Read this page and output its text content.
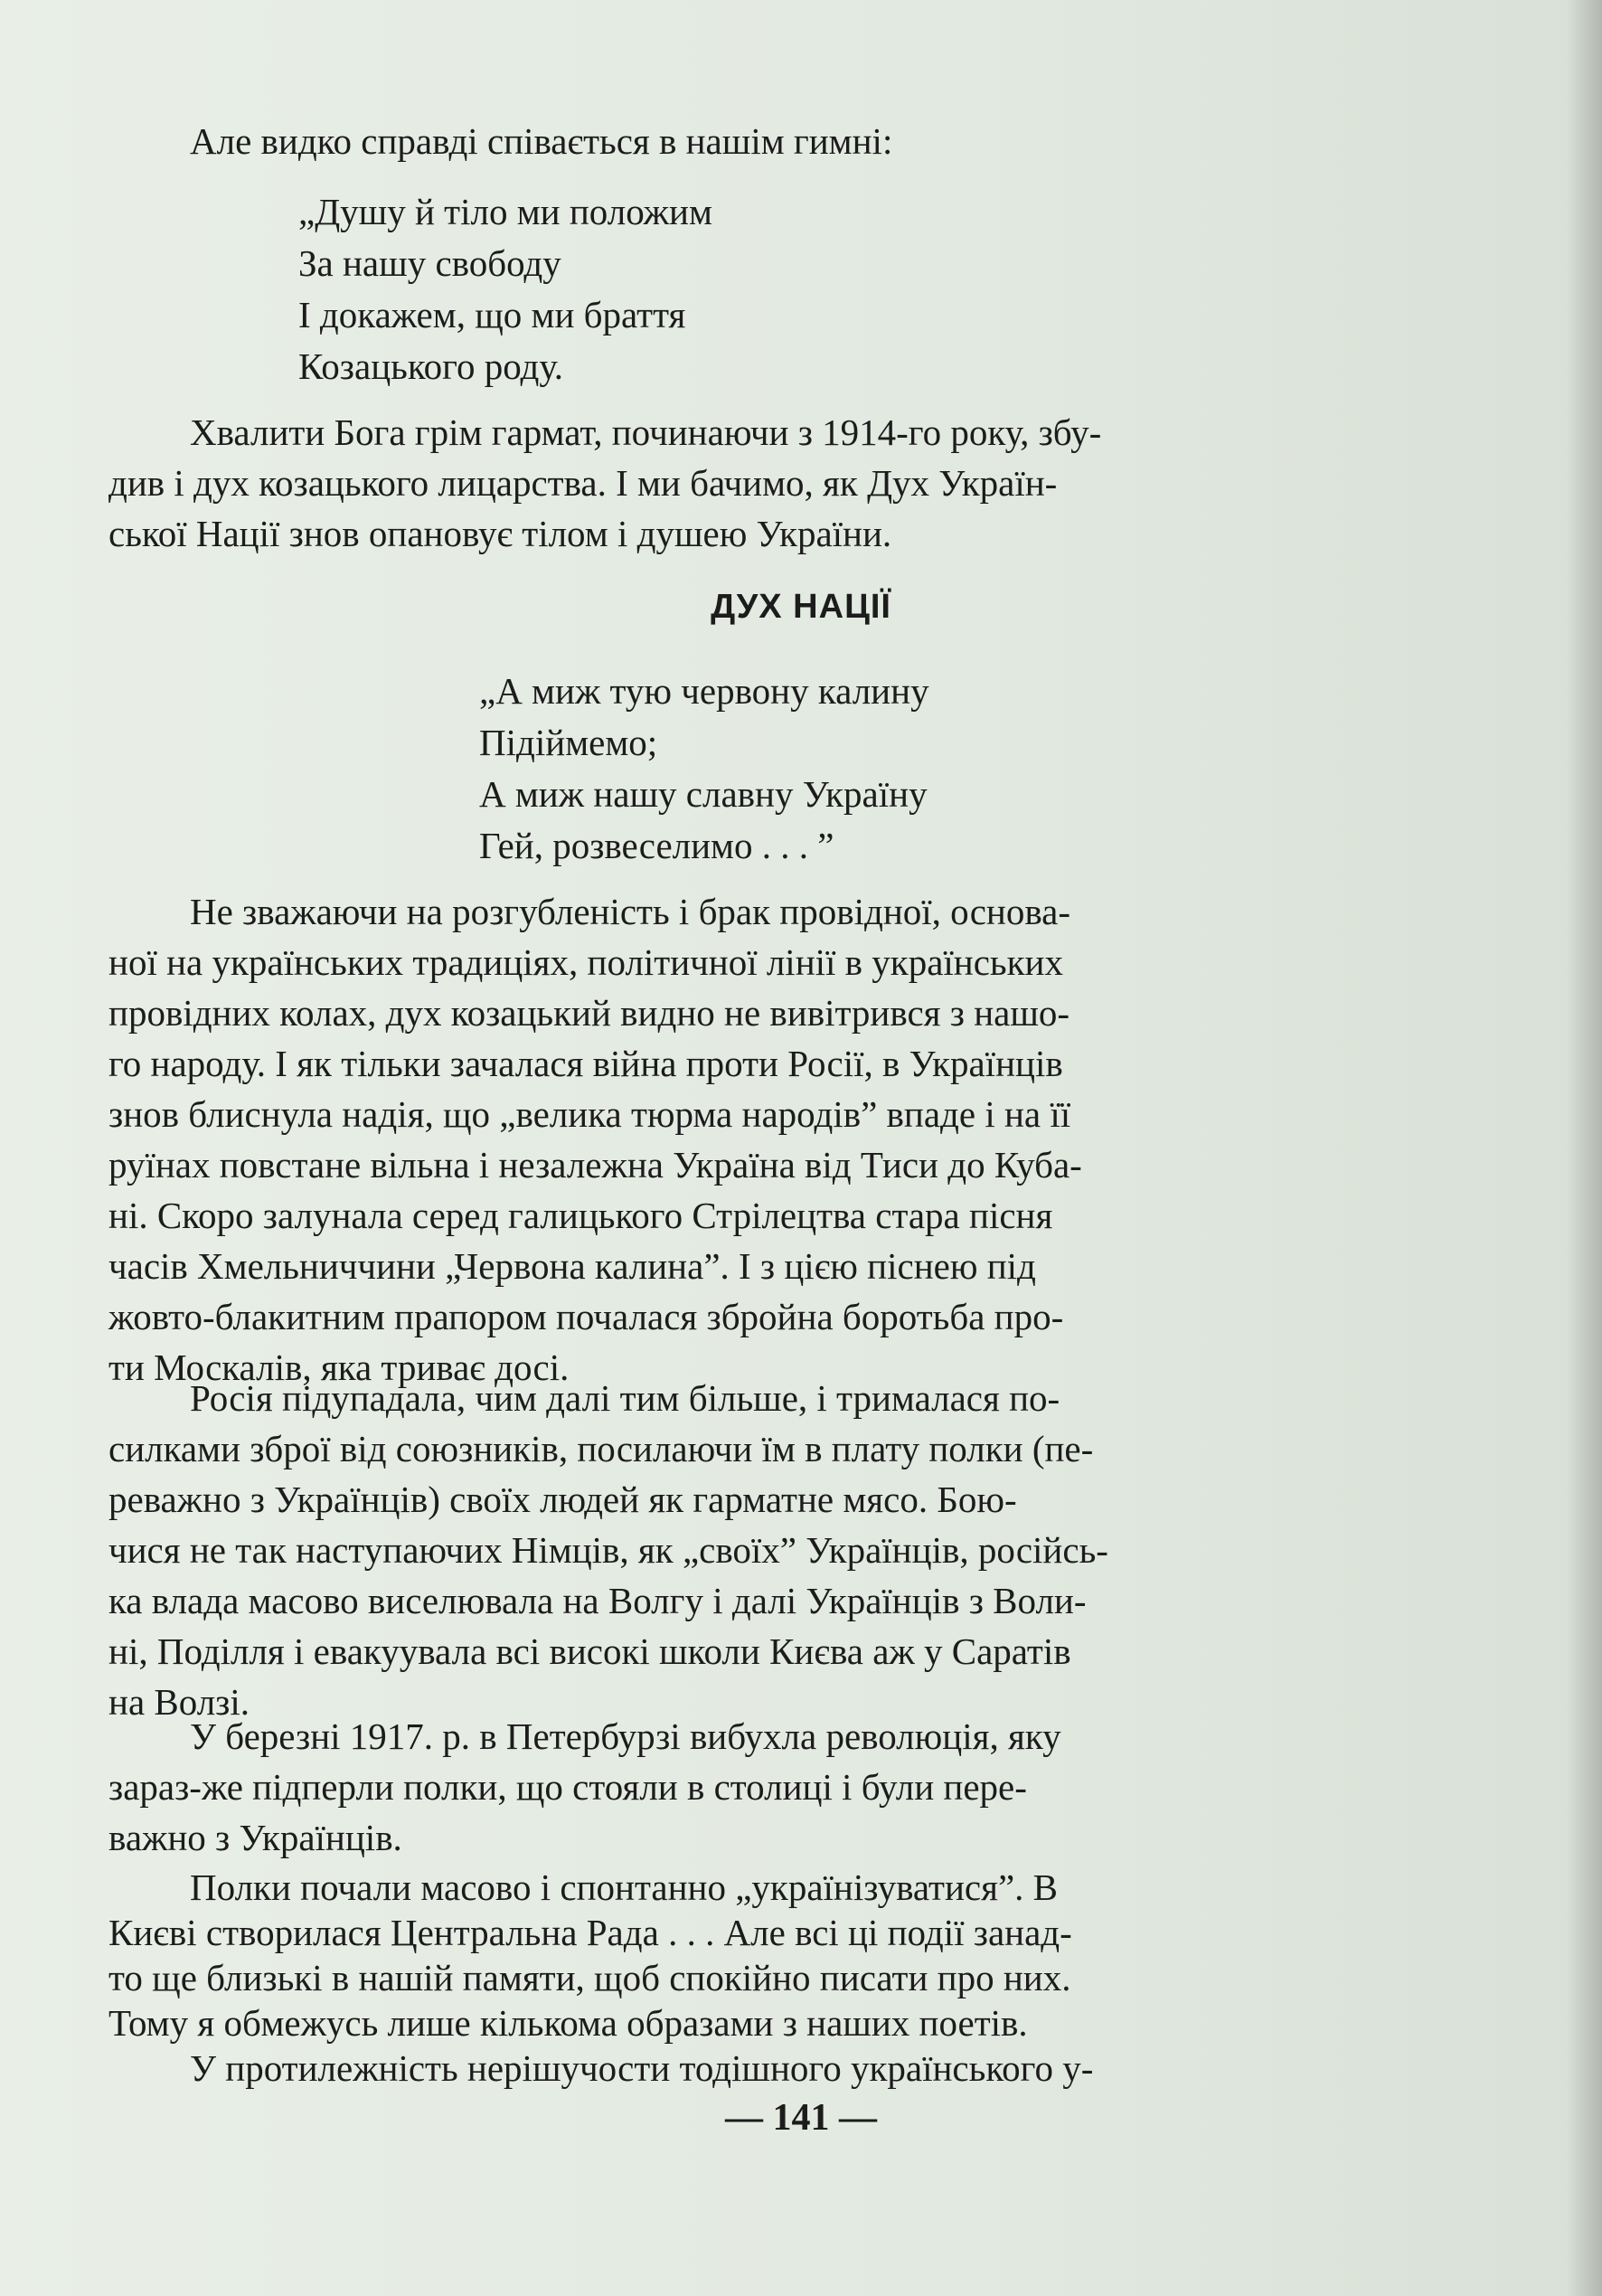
Але видко справді співається в нашім гимні:

„Душу й тіло ми положим
За нашу свободу
І докажем, що ми браття
Козацького роду.

Хвалити Бога грім гармат, починаючи з 1914-го року, збу-
див і дух козацького лицарства. І ми бачимо, як Дух Україн-
ської Нації знов опановує тілом і душею України.

ДУХ НАЦІЇ
„А миж тую червону калину
Підіймемо;
А миж нашу славну Україну
Гей, розвеселимо . . . ”

Не зважаючи на розгубленість і брак провідної, основа-
ної на українських традиціях, політичної лінії в українських
провідних колах, дух козацький видно не вивітрився з нашо-
го народу. І як тільки зачалася війна проти Росії, в Українців
знов блиснула надія, що „велика тюрма народів” впаде і на її
руїнах повстане вільна і незалежна Україна від Тиси до Куба-
ні. Скоро залунала серед галицького Стрілецтва стара пісня
часів Хмельниччини „Червона калина”. І з цією піснею під
жовто-блакитним прапором почалася збройна боротьба про-
ти Москалів, яка триває досі.

Росія підупадала, чим далі тим більше, і трималася по-
силками зброї від союзників, посилаючи їм в плату полки (пе-
реважно з Українців) своїх людей як гарматне мясо. Бою-
чися не так наступаючих Німців, як „своїх” Українців, російсь-
ка влада масово виселювала на Волгу і далі Українців з Воли-
ні, Поділля і евакуувала всі високі школи Києва аж у Саратів
на Волзі.

У березні 1917. р. в Петербурзі вибухла революція, яку
зараз-же підперли полки, що стояли в столиці і були пере-
важно з Українців.

Полки почали масово і спонтанно „українізуватися”. В
Києві створилася Центральна Рада . . . Але всі ці події занад-
то ще близькі в нашій памяти, щоб спокійно писати про них.
Тому я обмежусь лише кількома образами з наших поетів.
У протилежність нерішучости тодішного українського у-

— 141 —
